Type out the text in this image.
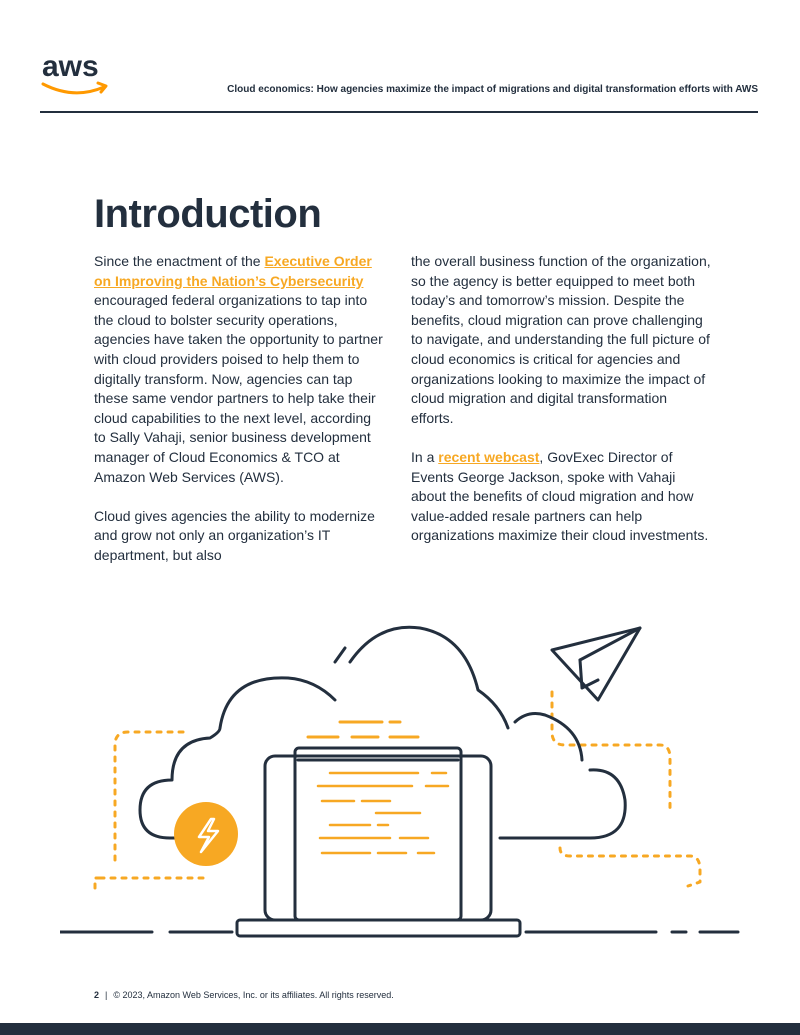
aws
Cloud economics: How agencies maximize the impact of migrations and digital transformation efforts with AWS
Introduction

Since the enactment of the Executive Order on Improving the Nation’s Cybersecurity encouraged federal organizations to tap into the cloud to bolster security operations, agencies have taken the opportunity to partner with cloud providers poised to help them to digitally transform. Now, agencies can tap these same vendor partners to help take their cloud capabilities to the next level, according to Sally Vahaji, senior business development manager of Cloud Economics & TCO at Amazon Web Services (AWS).

Cloud gives agencies the ability to modernize and grow not only an organization’s IT department, but also

the overall business function of the organization, so the agency is better equipped to meet both today’s and tomorrow’s mission. Despite the benefits, cloud migration can prove challenging to navigate, and understanding the full picture of cloud economics is critical for agencies and organizations looking to maximize the impact of cloud migration and digital transformation efforts.

In a recent webcast, GovExec Director of Events George Jackson, spoke with Vahaji about the benefits of cloud migration and how value-added resale partners can help organizations maximize their cloud investments.

2 | © 2023, Amazon Web Services, Inc. or its affiliates. All rights reserved.
